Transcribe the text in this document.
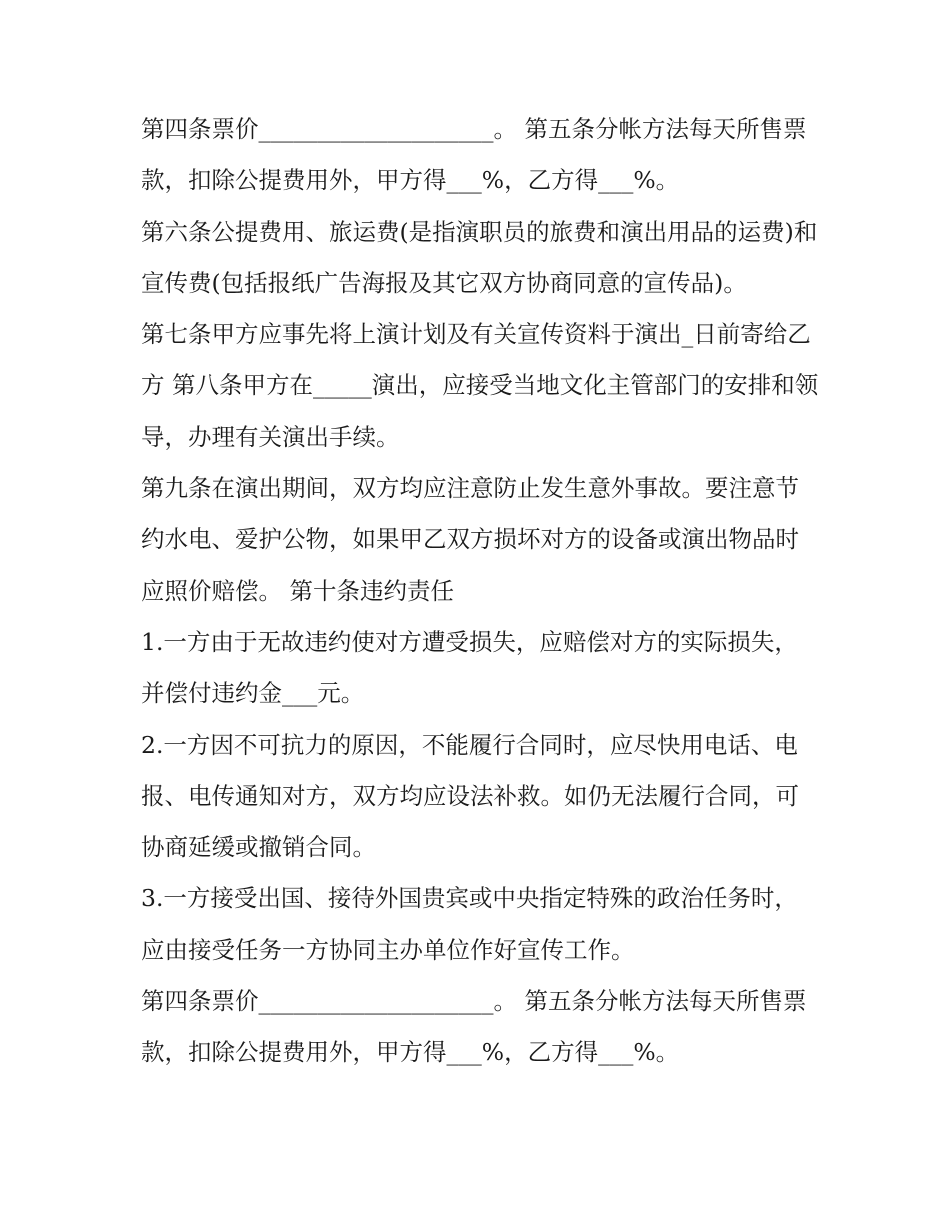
第四条票价____________________。 第五条分帐方法每天所售票款，扣除公提费用外，甲方得___%，乙方得___%。

第六条公提费用、旅运费(是指演职员的旅费和演出用品的运费)和宣传费(包括报纸广告海报及其它双方协商同意的宣传品)。

第七条甲方应事先将上演计划及有关宣传资料于演出_日前寄给乙方 第八条甲方在_____演出，应接受当地文化主管部门的安排和领导，办理有关演出手续。

第九条在演出期间，双方均应注意防止发生意外事故。要注意节约水电、爱护公物，如果甲乙双方损坏对方的设备或演出物品时应照价赔偿。 第十条违约责任

1.一方由于无故违约使对方遭受损失，应赔偿对方的实际损失，并偿付违约金___元。

2.一方因不可抗力的原因，不能履行合同时，应尽快用电话、电报、电传通知对方，双方均应设法补救。如仍无法履行合同，可协商延缓或撤销合同。

3.一方接受出国、接待外国贵宾或中央指定特殊的政治任务时，应由接受任务一方协同主办单位作好宣传工作。

第四条票价____________________。 第五条分帐方法每天所售票款，扣除公提费用外，甲方得___%，乙方得___%。
